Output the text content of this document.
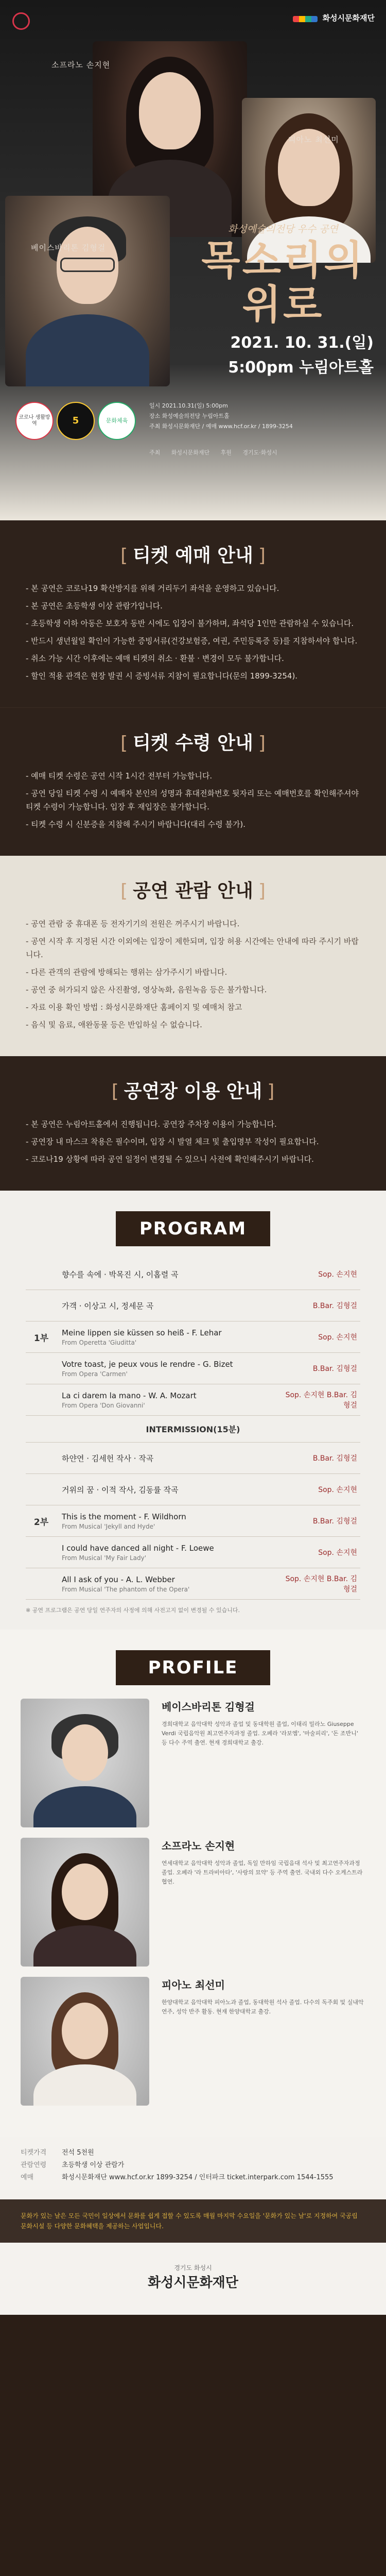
화성시문화재단
소프라노 손지현
피아노 최선미
베이스바리톤 김형걸
화성예술의전당 우수 공연
목소리의 위로
2021. 10. 31.(일)
5:00pm 누림아트홀
코로나 생활방역	5	문화체육
일시 2021.10.31(일) 5:00pm
장소 화성예술의전당 누림아트홀
주최 화성시문화재단 / 예매 www.hcf.or.kr / 1899-3254
주최 화성시문화재단 후원 경기도·화성시
[ 티켓 예매 안내 ]

- 본 공연은 코로나19 확산방지를 위해 거리두기 좌석을 운영하고 있습니다.

- 본 공연은 초등학생 이상 관람가입니다.

- 초등학생 이하 아동은 보호자 동반 시에도 입장이 불가하며, 좌석당 1인만 관람하실 수 있습니다.

- 반드시 생년월일 확인이 가능한 증빙서류(건강보험증, 여권, 주민등록증 등)를 지참하셔야 합니다.

- 취소 가능 시간 이후에는 예매 티켓의 취소 · 환불 · 변경이 모두 불가합니다.

- 할인 적용 관객은 현장 발권 시 증빙서류 지참이 필요합니다(문의 1899-3254).

[ 티켓 수령 안내 ]

- 예매 티켓 수령은 공연 시작 1시간 전부터 가능합니다.

- 공연 당일 티켓 수령 시 예매자 본인의 성명과 휴대전화번호 뒷자리 또는 예매번호를 확인해주셔야 티켓 수령이 가능합니다. 입장 후 재입장은 불가합니다.

- 티켓 수령 시 신분증을 지참해 주시기 바랍니다(대리 수령 불가).

[ 공연 관람 안내 ]

- 공연 관람 중 휴대폰 등 전자기기의 전원은 꺼주시기 바랍니다.

- 공연 시작 후 지정된 시간 이외에는 입장이 제한되며, 입장 허용 시간에는 안내에 따라 주시기 바랍니다.

- 다른 관객의 관람에 방해되는 행위는 삼가주시기 바랍니다.

- 공연 중 허가되지 않은 사진촬영, 영상녹화, 음원녹음 등은 불가합니다.

- 자료 이용 확인 방법 : 화성시문화재단 홈페이지 및 예매처 참고

- 음식 및 음료, 애완동물 등은 반입하실 수 없습니다.

[ 공연장 이용 안내 ]

- 본 공연은 누림아트홀에서 진행됩니다. 공연장 주차장 이용이 가능합니다.

- 공연장 내 마스크 착용은 필수이며, 입장 시 발열 체크 및 출입명부 작성이 필요합니다.

- 코로나19 상황에 따라 공연 일정이 변경될 수 있으니 사전에 확인해주시기 바랍니다.

PROGRAM
향수를 속에 · 박목진 시, 이홉렬 곡	Sop. 손지현
가객 · 이상고 시, 정세문 곡	B.Bar. 김형걸
1부
Meine lippen sie küssen so heiß - F. Lehar
From Operetta 'Giuditta'
Sop. 손지현
Votre toast, je peux vous le rendre - G. Bizet
From Opera 'Carmen'
B.Bar. 김형걸
La ci darem la mano - W. A. Mozart
From Opera 'Don Giovanni'
Sop. 손지현 B.Bar. 김형걸
INTERMISSION(15분)
하얀연 · 김세헌 작사 · 작곡	B.Bar. 김형걸
거위의 꿈 · 이적 작사, 김동률 작곡	Sop. 손지현
2부
This is the moment - F. Wildhorn
From Musical 'Jekyll and Hyde'
B.Bar. 김형걸
I could have danced all night - F. Loewe
From Musical 'My Fair Lady'
Sop. 손지현
All I ask of you - A. L. Webber
From Musical 'The phantom of the Opera'
Sop. 손지현 B.Bar. 김형걸
※ 공연 프로그램은 공연 당일 연주자의 사정에 의해 사전고지 없이 변경될 수 있습니다.
PROFILE
베이스바리톤 김형걸
경희대학교 음악대학 성악과 졸업 및 동대학원 졸업, 이태리 밀라노 Giuseppe Verdi 국립음악원 최고연주자과정 졸업. 오페라 '라보엠', '마술피리', '돈 조반니' 등 다수 주역 출연. 현재 경희대학교 출강.
소프라노 손지현
연세대학교 음악대학 성악과 졸업, 독일 만하임 국립음대 석사 및 최고연주자과정 졸업. 오페라 '라 트라비아타', '사랑의 묘약' 등 주역 출연. 국내외 다수 오케스트라 협연.
피아노 최선미
한양대학교 음악대학 피아노과 졸업, 동대학원 석사 졸업. 다수의 독주회 및 실내악 연주, 성악 반주 활동. 현재 한양대학교 출강.
티켓가격 전석 5천원
관람연령 초등학생 이상 관람가
예매	화성시문화재단 www.hcf.or.kr 1899-3254 / 인터파크 ticket.interpark.com 1544-1555
문화가 있는 날은 모든 국민이 일상에서 문화를 쉽게 접할 수 있도록 매월 마지막 수요일을 '문화가 있는 날'로 지정하여 국공립 문화시설 등 다양한 문화혜택을 제공하는 사업입니다.
경기도 화성시
화성시문화재단
